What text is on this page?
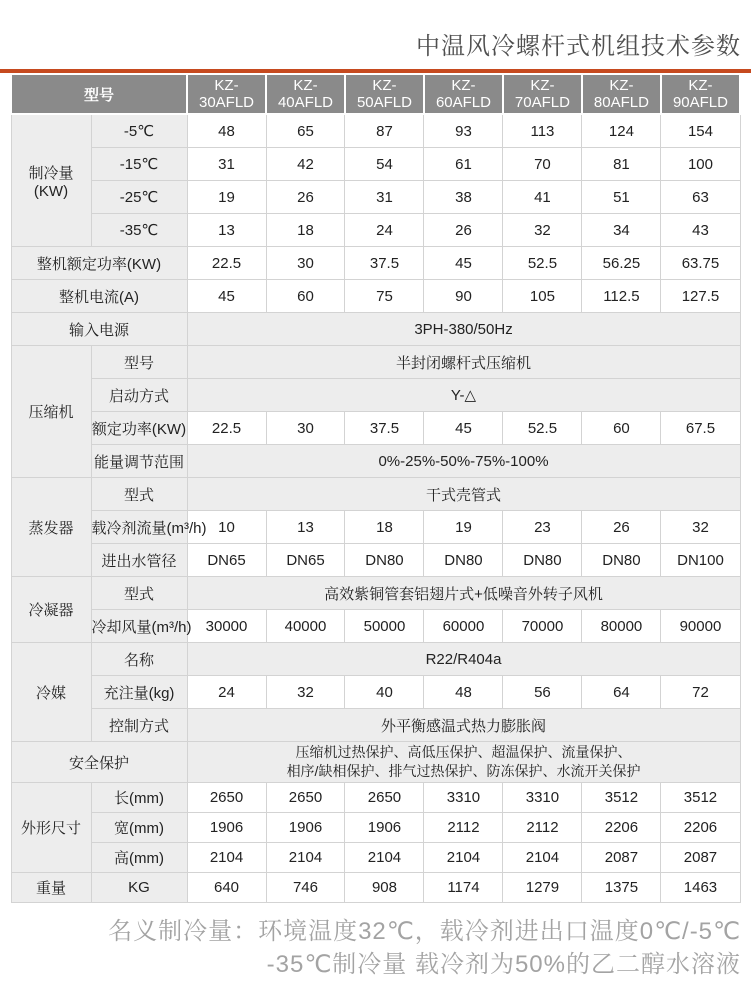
中温风冷螺杆式机组技术参数
型号		KZ-30AFLD	KZ-40AFLD	KZ-50AFLD	KZ-60AFLD	KZ-70AFLD	KZ-80AFLD	KZ-90AFLD
制冷量(KW)	-5℃	48	65	87	93	113	124	154
	-15℃	31	42	54	61	70	81	100
	-25℃	19	26	31	38	41	51	63
	-35℃	13	18	24	26	32	34	43
整机额定功率(KW)		22.5	30	37.5	45	52.5	56.25	63.75
整机电流(A)		45	60	75	90	105	112.5	127.5
输入电源		3PH-380/50Hz						
压缩机	型号	半封闭螺杆式压缩机						
	启动方式	Y-△						
	额定功率(KW)	22.5	30	37.5	45	52.5	60	67.5
	能量调节范围	0%-25%-50%-75%-100%						
蒸发器	型式	干式壳管式						
	载冷剂流量(m³/h)	10	13	18	19	23	26	32
	进出水管径	DN65	DN65	DN80	DN80	DN80	DN80	DN100
冷凝器	型式	高效紫铜管套铝翅片式+低噪音外转子风机						
	冷却风量(m³/h)	30000	40000	50000	60000	70000	80000	90000
冷媒	名称	R22/R404a						
	充注量(kg)	24	32	40	48	56	64	72
	控制方式	外平衡感温式热力膨胀阀						
安全保护		压缩机过热保护、高低压保护、超温保护、流量保护、
相序/缺相保护、排气过热保护、防冻保护、水流开关保护						

外形尺寸	长(mm)	2650	2650	2650	3310	3310	3512	3512
	宽(mm)	1906	1906	1906	2112	2112	2206	2206
	高(mm)	2104	2104	2104	2104	2104	2087	2087
重量	KG	640	746	908	1174	1279	1375	1463
名义制冷量：环境温度32℃，载冷剂进出口温度0℃/-5℃
-35℃制冷量 载冷剂为50%的乙二醇水溶液
